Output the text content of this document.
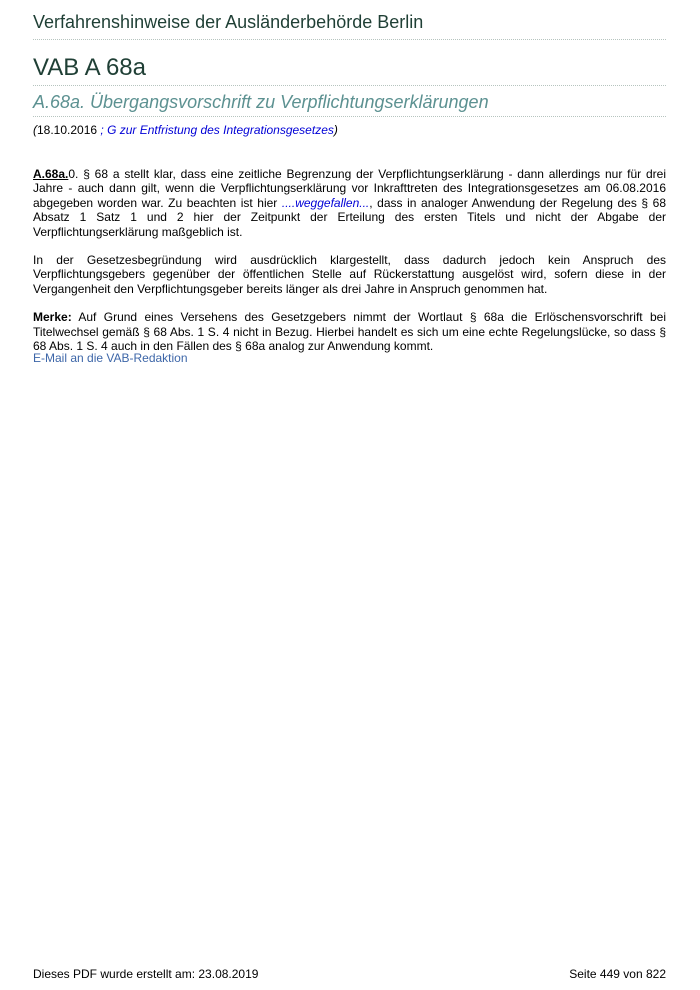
Verfahrenshinweise der Ausländerbehörde Berlin
VAB A 68a
A.68a. Übergangsvorschrift zu Verpflichtungserklärungen
(18.10.2016 ; G zur Entfristung des Integrationsgesetzes)

A.68a.0. § 68 a stellt klar, dass eine zeitliche Begrenzung der Verpflichtungserklärung - dann allerdings nur für drei Jahre - auch dann gilt, wenn die Verpflichtungserklärung vor Inkrafttreten des Integrationsgesetzes am 06.08.2016 abgegeben worden war. Zu beachten ist hier ....weggefallen..., dass in analoger Anwendung der Regelung des § 68 Absatz 1 Satz 1 und 2 hier der Zeitpunkt der Erteilung des ersten Titels und nicht der Abgabe der Verpflichtungserklärung maßgeblich ist.

In der Gesetzesbegründung wird ausdrücklich klargestellt, dass dadurch jedoch kein Anspruch des Verpflichtungsgebers gegenüber der öffentlichen Stelle auf Rückerstattung ausgelöst wird, sofern diese in der Vergangenheit den Verpflichtungsgeber bereits länger als drei Jahre in Anspruch genommen hat.

Merke: Auf Grund eines Versehens des Gesetzgebers nimmt der Wortlaut § 68a die Erlöschensvorschrift bei Titelwechsel gemäß § 68 Abs. 1 S. 4 nicht in Bezug. Hierbei handelt es sich um eine echte Regelungslücke, so dass § 68 Abs. 1 S. 4 auch in den Fällen des § 68a analog zur Anwendung kommt.

E-Mail an die VAB-Redaktion
Dieses PDF wurde erstellt am: 23.08.2019	Seite 449 von 822
